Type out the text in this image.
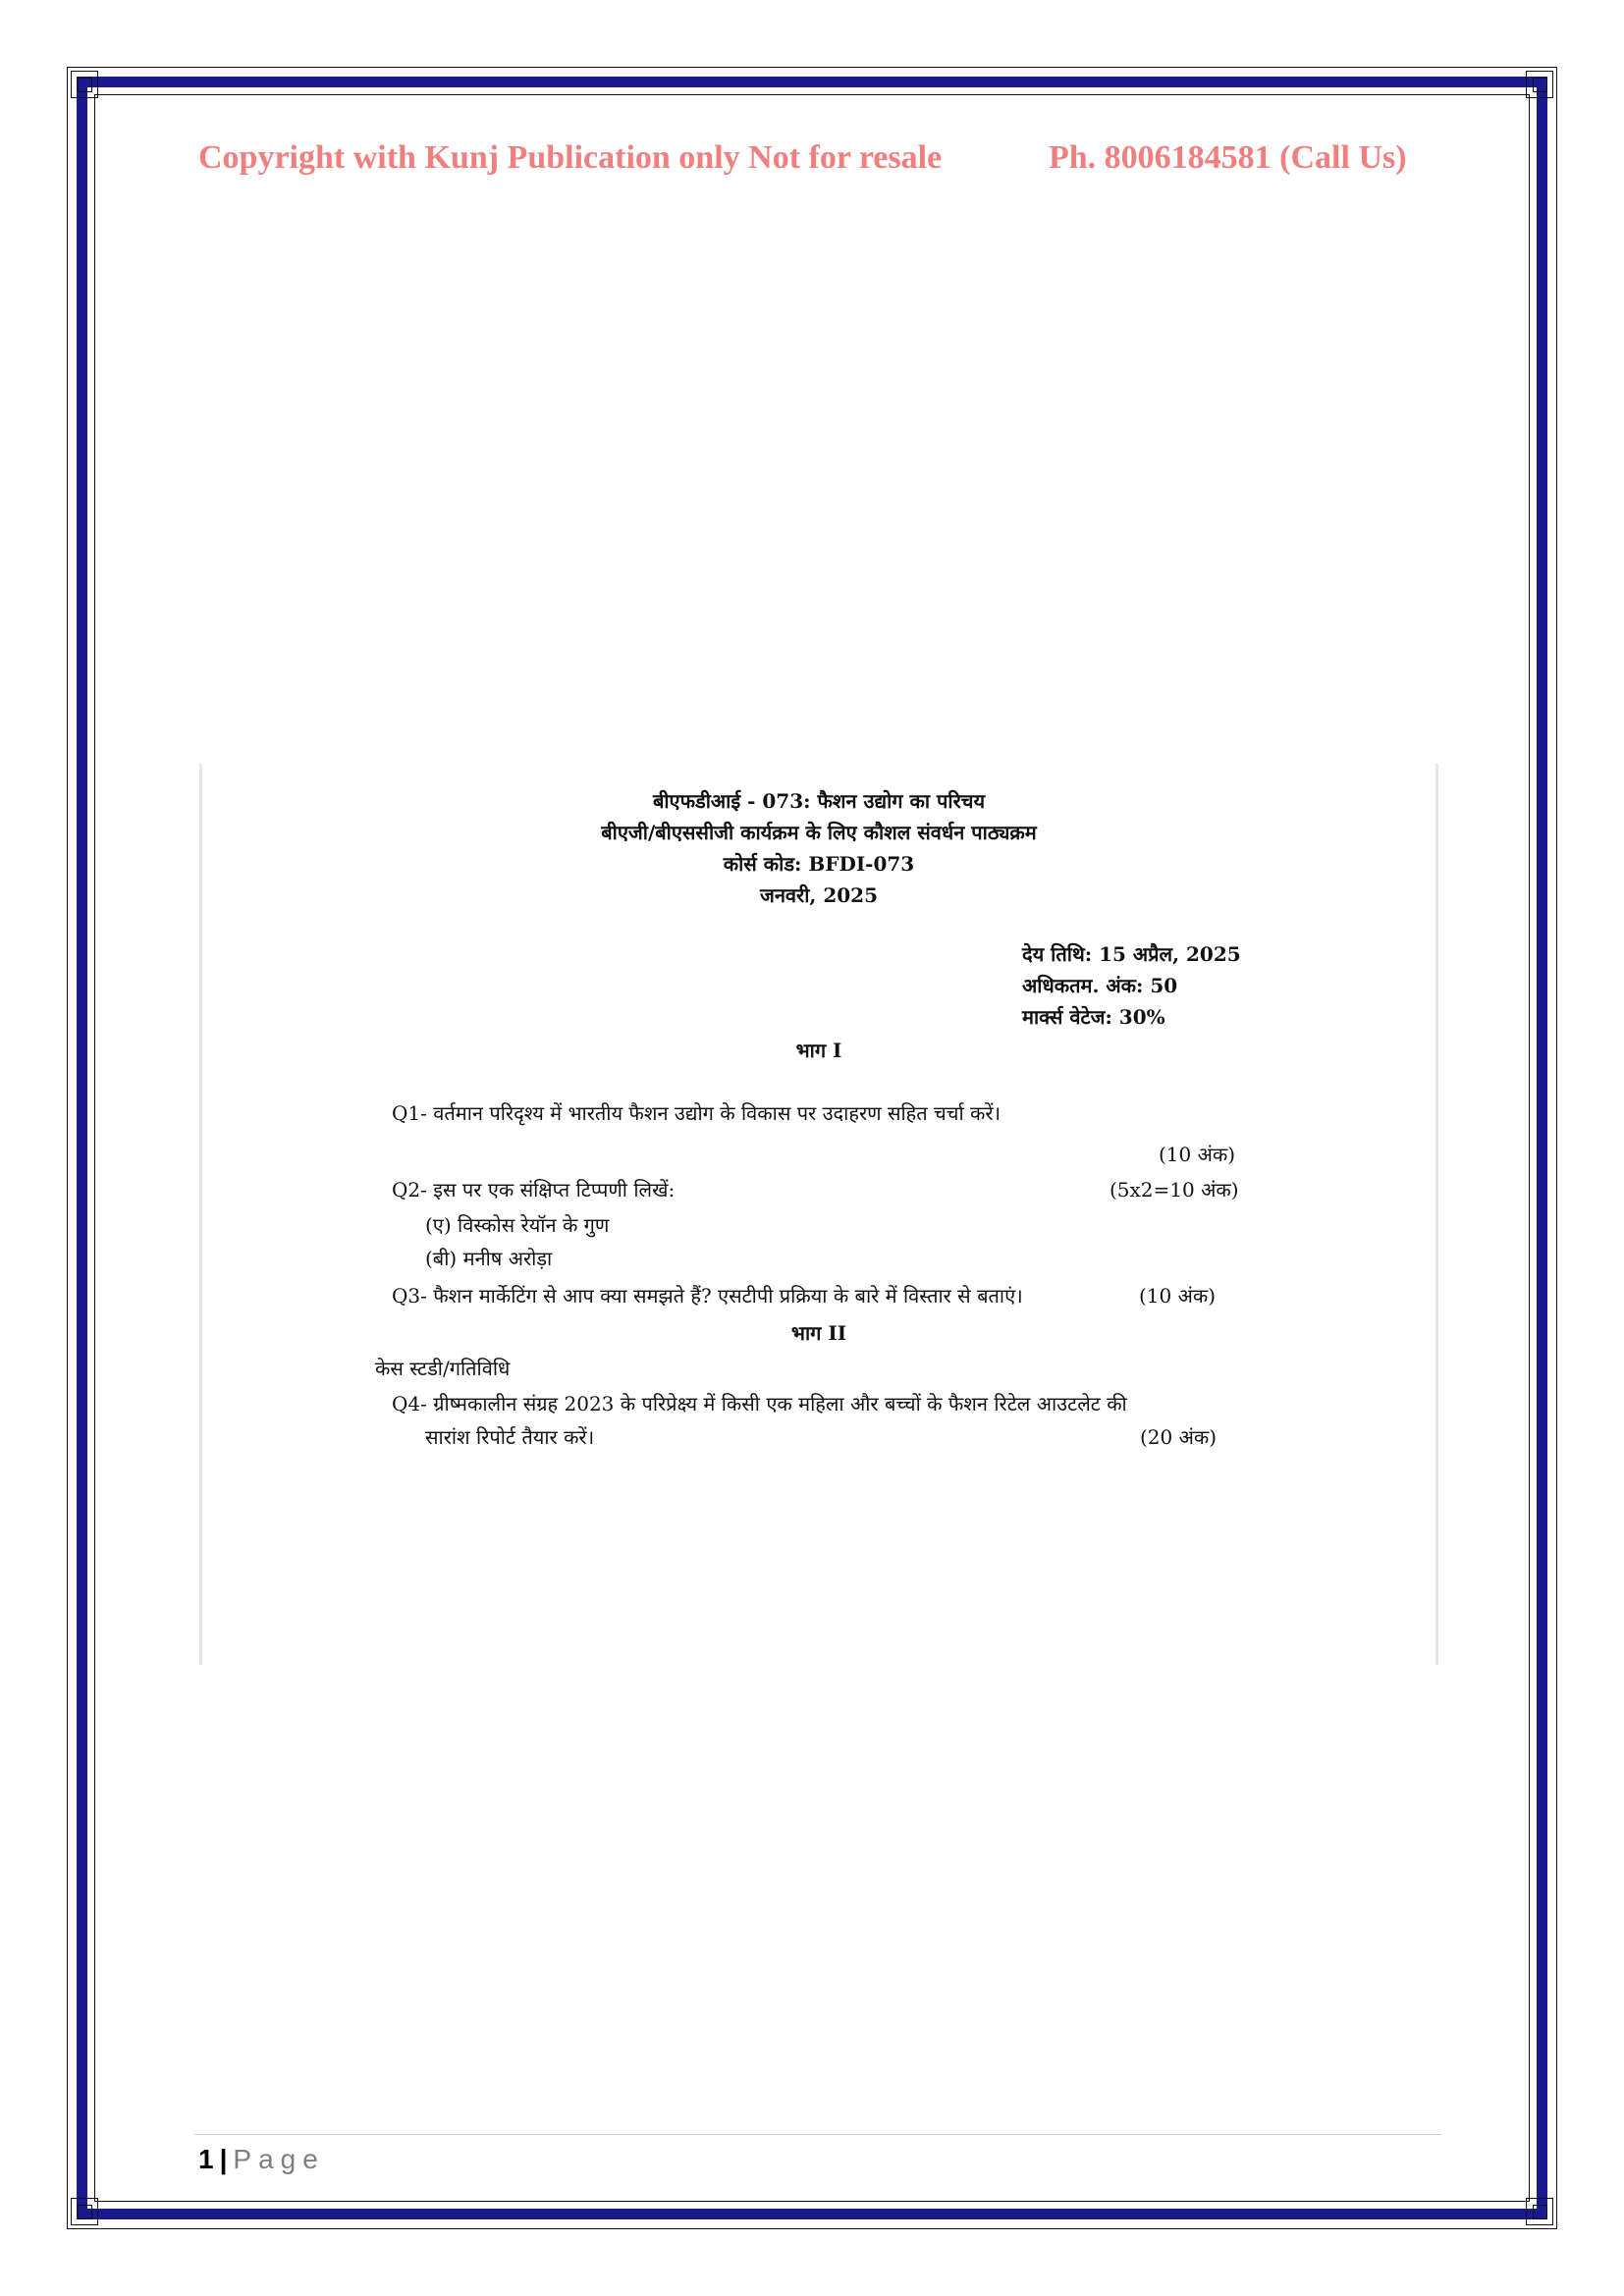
Copyright with Kunj Publication only Not for resale	Ph. 8006184581 (Call Us)
बीएफडीआई - 073: फैशन उद्योग का परिचय
बीएजी/बीएससीजी कार्यक्रम के लिए कौशल संवर्धन पाठ्यक्रम
कोर्स कोड: BFDI-073
जनवरी, 2025
देय तिथि: 15 अप्रैल, 2025
अधिकतम. अंक: 50
मार्क्स वेटेज: 30%
भाग I
Q1- वर्तमान परिदृश्य में भारतीय फैशन उद्योग के विकास पर उदाहरण सहित चर्चा करें।
(10 अंक)
Q2- इस पर एक संक्षिप्त टिप्पणी लिखें:	(5x2=10 अंक)
(ए) विस्कोस रेयॉन के गुण
(बी) मनीष अरोड़ा
Q3- फैशन मार्केटिंग से आप क्या समझते हैं? एसटीपी प्रक्रिया के बारे में विस्तार से बताएं।	(10 अंक)
भाग II
केस स्टडी/गतिविधि
Q4- ग्रीष्मकालीन संग्रह 2023 के परिप्रेक्ष्य में किसी एक महिला और बच्चों के फैशन रिटेल आउटलेट की
सारांश रिपोर्ट तैयार करें।	(20 अंक)
1 | Page
